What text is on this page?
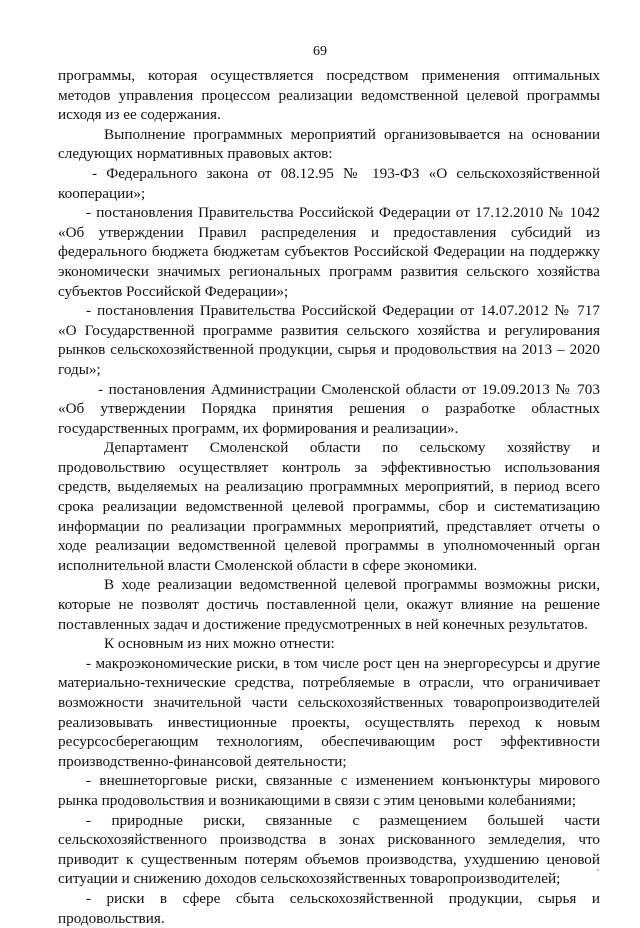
69

программы, которая осуществляется посредством применения оптимальных методов управления процессом реализации ведомственной целевой программы исходя из ее содержания.

Выполнение программных мероприятий организовывается на основании следующих нормативных правовых актов:

- Федерального закона от 08.12.95 № 193-ФЗ «О сельскохозяйственной кооперации»;

- постановления Правительства Российской Федерации от 17.12.2010 № 1042 «Об утверждении Правил распределения и предоставления субсидий из федерального бюджета бюджетам субъектов Российской Федерации на поддержку экономически значимых региональных программ развития сельского хозяйства субъектов Российской Федерации»;

- постановления Правительства Российской Федерации от 14.07.2012 № 717 «О Государственной программе развития сельского хозяйства и регулирования рынков сельскохозяйственной продукции, сырья и продовольствия на 2013 – 2020 годы»;

- постановления Администрации Смоленской области от 19.09.2013 № 703 «Об утверждении Порядка принятия решения о разработке областных государственных программ, их формирования и реализации».

Департамент Смоленской области по сельскому хозяйству и продовольствию осуществляет контроль за эффективностью использования средств, выделяемых на реализацию программных мероприятий, в период всего срока реализации ведомственной целевой программы, сбор и систематизацию информации по реализации программных мероприятий, представляет отчеты о ходе реализации ведомственной целевой программы в уполномоченный орган исполнительной власти Смоленской области в сфере экономики.

В ходе реализации ведомственной целевой программы возможны риски, которые не позволят достичь поставленной цели, окажут влияние на решение поставленных задач и достижение предусмотренных в ней конечных результатов.

К основным из них можно отнести:

- макроэкономические риски, в том числе рост цен на энергоресурсы и другие материально-технические средства, потребляемые в отрасли, что ограничивает возможности значительной части сельскохозяйственных товаропроизводителей реализовывать инвестиционные проекты, осуществлять переход к новым ресурсосберегающим технологиям, обеспечивающим рост эффективности производственно-финансовой деятельности;

- внешнеторговые риски, связанные с изменением конъюнктуры мирового рынка продовольствия и возникающими в связи с этим ценовыми колебаниями;

- природные риски, связанные с размещением большей части сельскохозяйственного производства в зонах рискованного земледелия, что приводит к существенным потерям объемов производства, ухудшению ценовой ситуации и снижению доходов сельскохозяйственных товаропроизводителей;

- риски в сфере сбыта сельскохозяйственной продукции, сырья и продовольствия.
